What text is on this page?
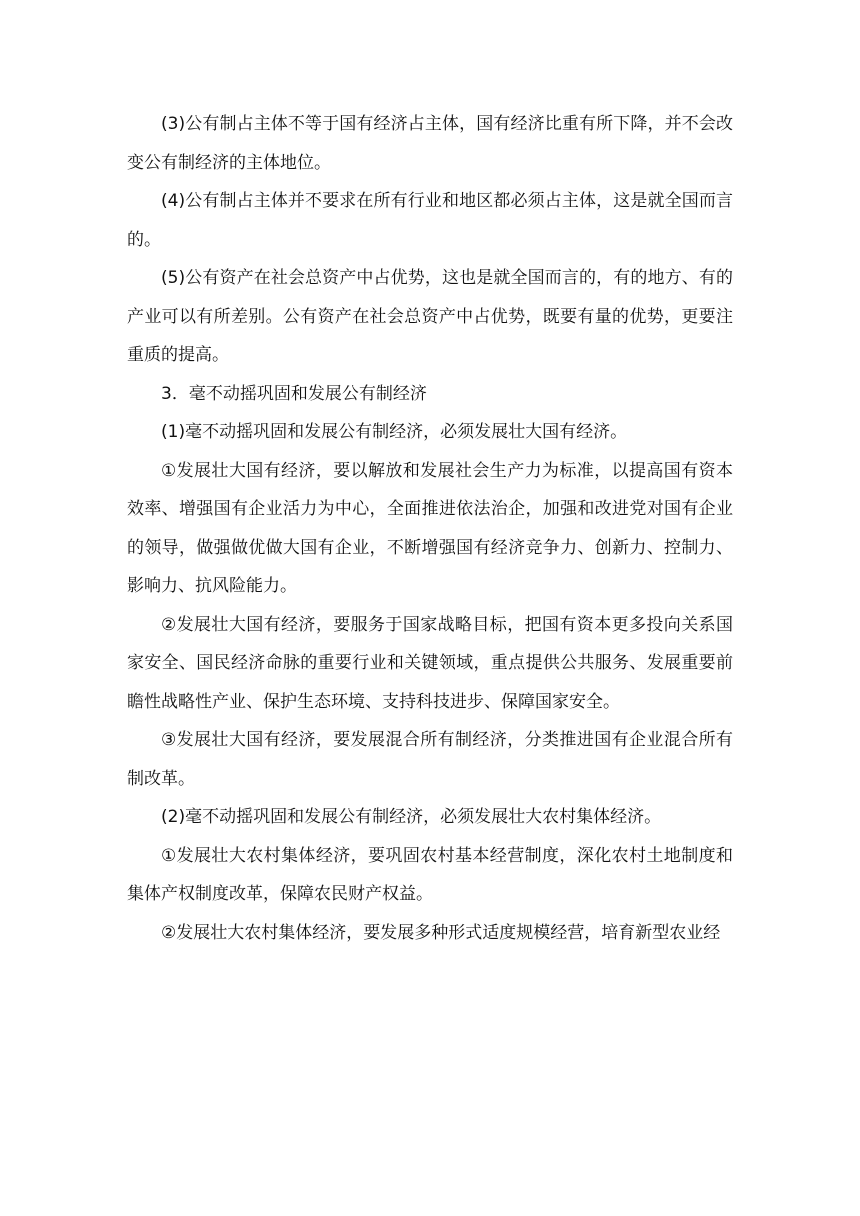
(3)公有制占主体不等于国有经济占主体，国有经济比重有所下降，并不会改变公有制经济的主体地位。

(4)公有制占主体并不要求在所有行业和地区都必须占主体，这是就全国而言的。

(5)公有资产在社会总资产中占优势，这也是就全国而言的，有的地方、有的产业可以有所差别。公有资产在社会总资产中占优势，既要有量的优势，更要注重质的提高。

3．毫不动摇巩固和发展公有制经济

(1)毫不动摇巩固和发展公有制经济，必须发展壮大国有经济。

①发展壮大国有经济，要以解放和发展社会生产力为标准，以提高国有资本效率、增强国有企业活力为中心，全面推进依法治企，加强和改进党对国有企业的领导，做强做优做大国有企业，不断增强国有经济竞争力、创新力、控制力、影响力、抗风险能力。

②发展壮大国有经济，要服务于国家战略目标，把国有资本更多投向关系国家安全、国民经济命脉的重要行业和关键领域，重点提供公共服务、发展重要前瞻性战略性产业、保护生态环境、支持科技进步、保障国家安全。

③发展壮大国有经济，要发展混合所有制经济，分类推进国有企业混合所有制改革。

(2)毫不动摇巩固和发展公有制经济，必须发展壮大农村集体经济。

①发展壮大农村集体经济，要巩固农村基本经营制度，深化农村土地制度和集体产权制度改革，保障农民财产权益。

②发展壮大农村集体经济，要发展多种形式适度规模经营，培育新型农业经
